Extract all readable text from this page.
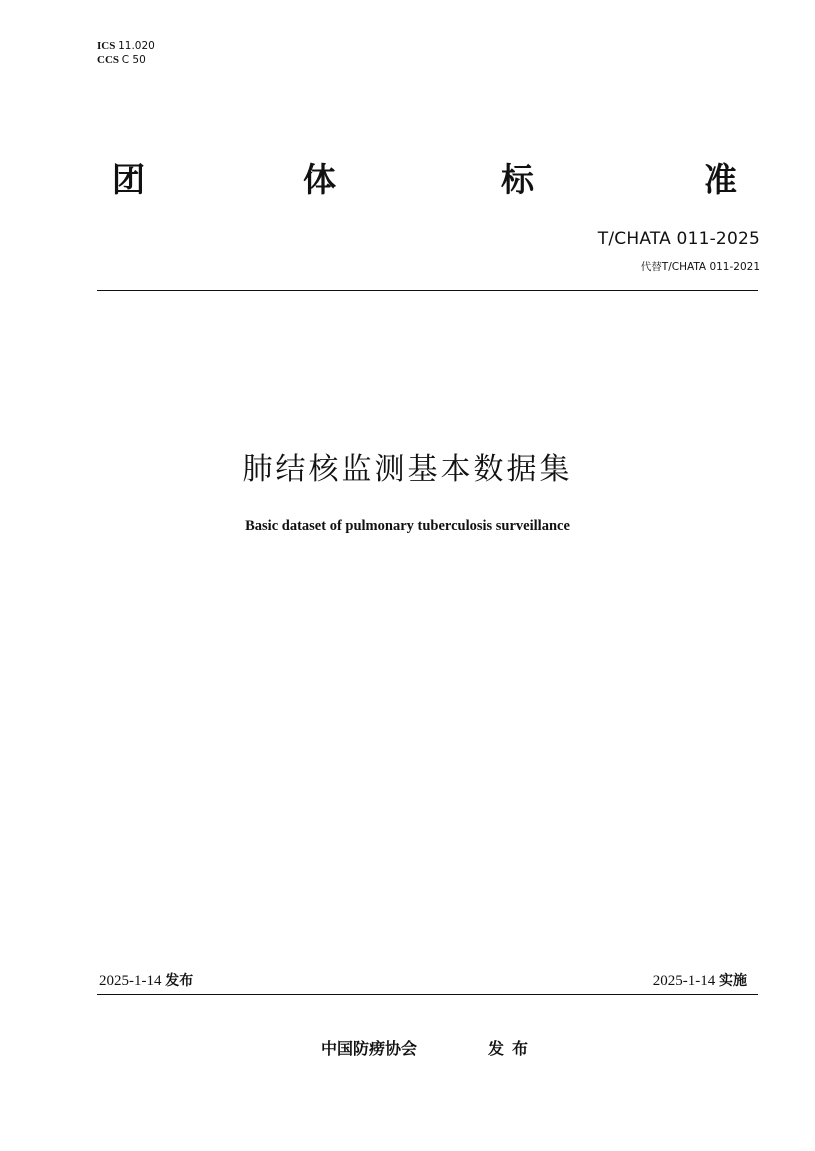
ICS 11.020
CCS C 50
团	体	标	准
T/CHATA 011-2025
代替T/CHATA 011-2021
肺结核监测基本数据集
Basic dataset of pulmonary tuberculosis surveillance
2025-1-14 发布	2025-1-14 实施
中国防痨协会	发布
